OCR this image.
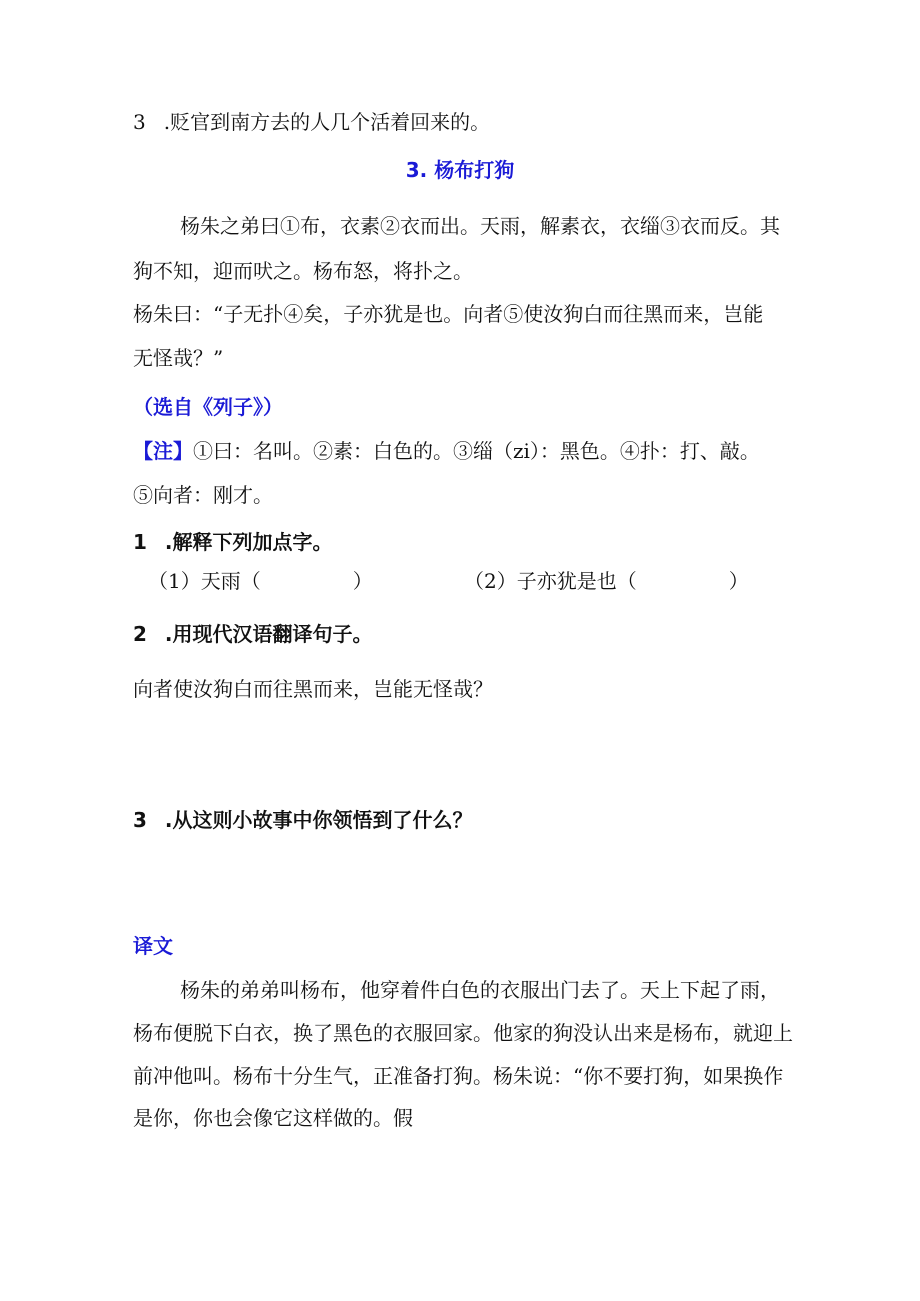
3 .贬官到南方去的人几个活着回来的。

3. 杨布打狗

杨朱之弟曰①布，衣素②衣而出。天雨，解素衣，衣缁③衣而反。其

狗不知，迎而吠之。杨布怒，将扑之。

杨朱曰：“子无扑④矣，子亦犹是也。向者⑤使汝狗白而往黑而来，岂能

无怪哉？”

（选自《列子》）

【注】①曰：名叫。②素：白色的。③缁（zi）：黑色。④扑：打、敲。

⑤向者：刚才。

1 .解释下列加点字。

（1）天雨（	）	（2）子亦犹是也（	）

2 .用现代汉语翻译句子。

向者使汝狗白而往黑而来，岂能无怪哉？

3 .从这则小故事中你领悟到了什么？

译文

杨朱的弟弟叫杨布，他穿着件白色的衣服出门去了。天上下起了雨，

杨布便脱下白衣，换了黑色的衣服回家。他家的狗没认出来是杨布，就迎上

前冲他叫。杨布十分生气，正准备打狗。杨朱说：“你不要打狗，如果换作

是你，你也会像它这样做的。假
